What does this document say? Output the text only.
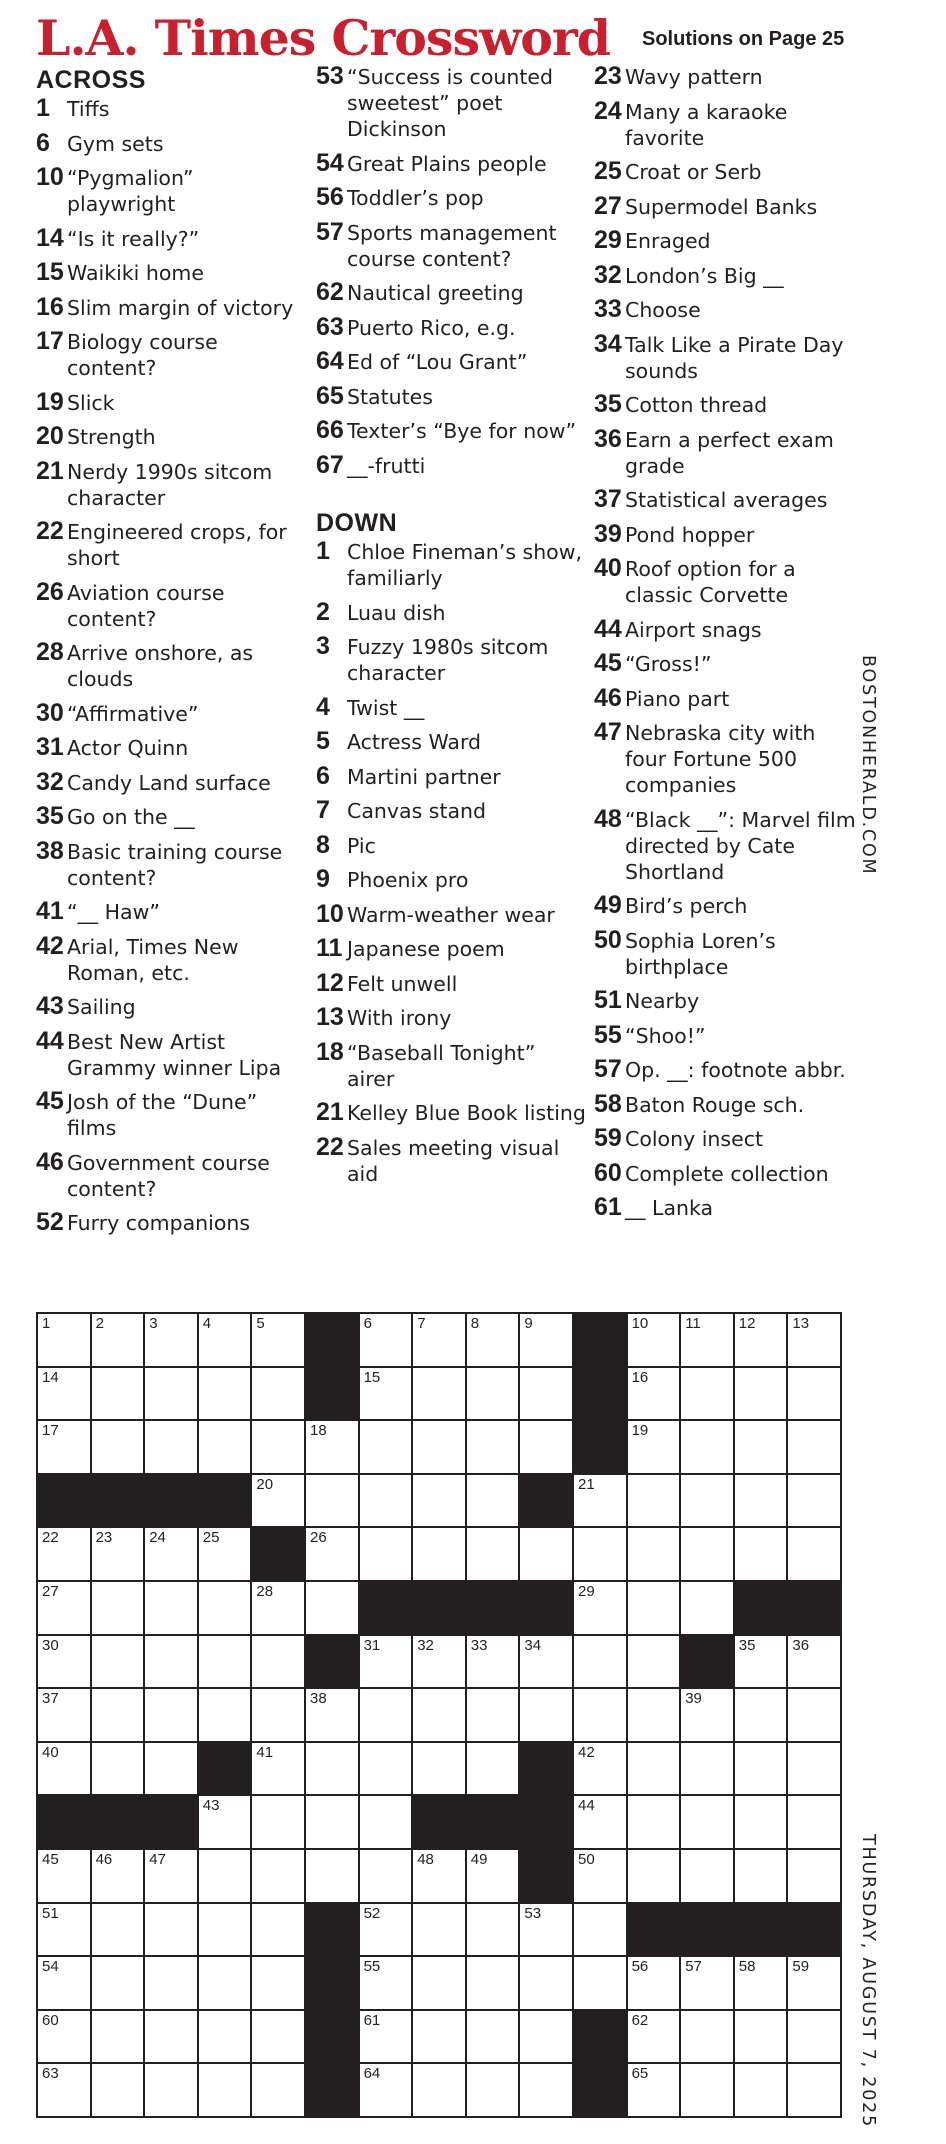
L.A. Times Crossword Solutions on Page 25
ACROSS
1 Tiffs
6 Gym sets
10 “Pygmalion” playwright
14 “Is it really?”
15 Waikiki home
16 Slim margin of victory
17 Biology course content?
19 Slick
20 Strength
21 Nerdy 1990s sitcom character
22 Engineered crops, for short
26 Aviation course content?
28 Arrive onshore, as clouds
30 “Affirmative”
31 Actor Quinn
32 Candy Land surface
35 Go on the __
38 Basic training course content?
41 “__ Haw”
42 Arial, Times New Roman, etc.
43 Sailing
44 Best New Artist Grammy winner Lipa
45 Josh of the “Dune” films
46 Government course content?
52 Furry companions
53 “Success is counted sweetest” poet Dickinson
54 Great Plains people
56 Toddler’s pop
57 Sports management course content?
62 Nautical greeting
63 Puerto Rico, e.g.
64 Ed of “Lou Grant”
65 Statutes
66 Texter’s “Bye for now”
67 __-frutti
DOWN
1 Chloe Fineman’s show, familiarly
2 Luau dish
3 Fuzzy 1980s sitcom character
4 Twist __
5 Actress Ward
6 Martini partner
7 Canvas stand
8 Pic
9 Phoenix pro
10 Warm-weather wear
11 Japanese poem
12 Felt unwell
13 With irony
18 “Baseball Tonight” airer
21 Kelley Blue Book listing
22 Sales meeting visual aid
23 Wavy pattern
24 Many a karaoke favorite
25 Croat or Serb
27 Supermodel Banks
29 Enraged
32 London’s Big __
33 Choose
34 Talk Like a Pirate Day sounds
35 Cotton thread
36 Earn a perfect exam grade
37 Statistical averages
39 Pond hopper
40 Roof option for a classic Corvette
44 Airport snags
45 “Gross!”
46 Piano part
47 Nebraska city with four Fortune 500 companies
48 “Black __”: Marvel film directed by Cate Shortland
49 Bird’s perch
50 Sophia Loren’s birthplace
51 Nearby
55 “Shoo!”
57 Op. __: footnote abbr.
58 Baton Rouge sch.
59 Colony insect
60 Complete collection
61 __ Lanka
BOSTONHERALD.COM
THURSDAY, AUGUST 7, 2025
1	2	3	4	5	6	7	8	9	10 11	12 13
14	15	16
17	18	19
20	21
22 23 24 25	26
27	28	29
30	31 32 33 34	35 36
37	38	39
40	41	42
43	44
45 46 47	48 49	50
51	52	53
54	55	56 57 58 59
60	61	62
63	64	65
